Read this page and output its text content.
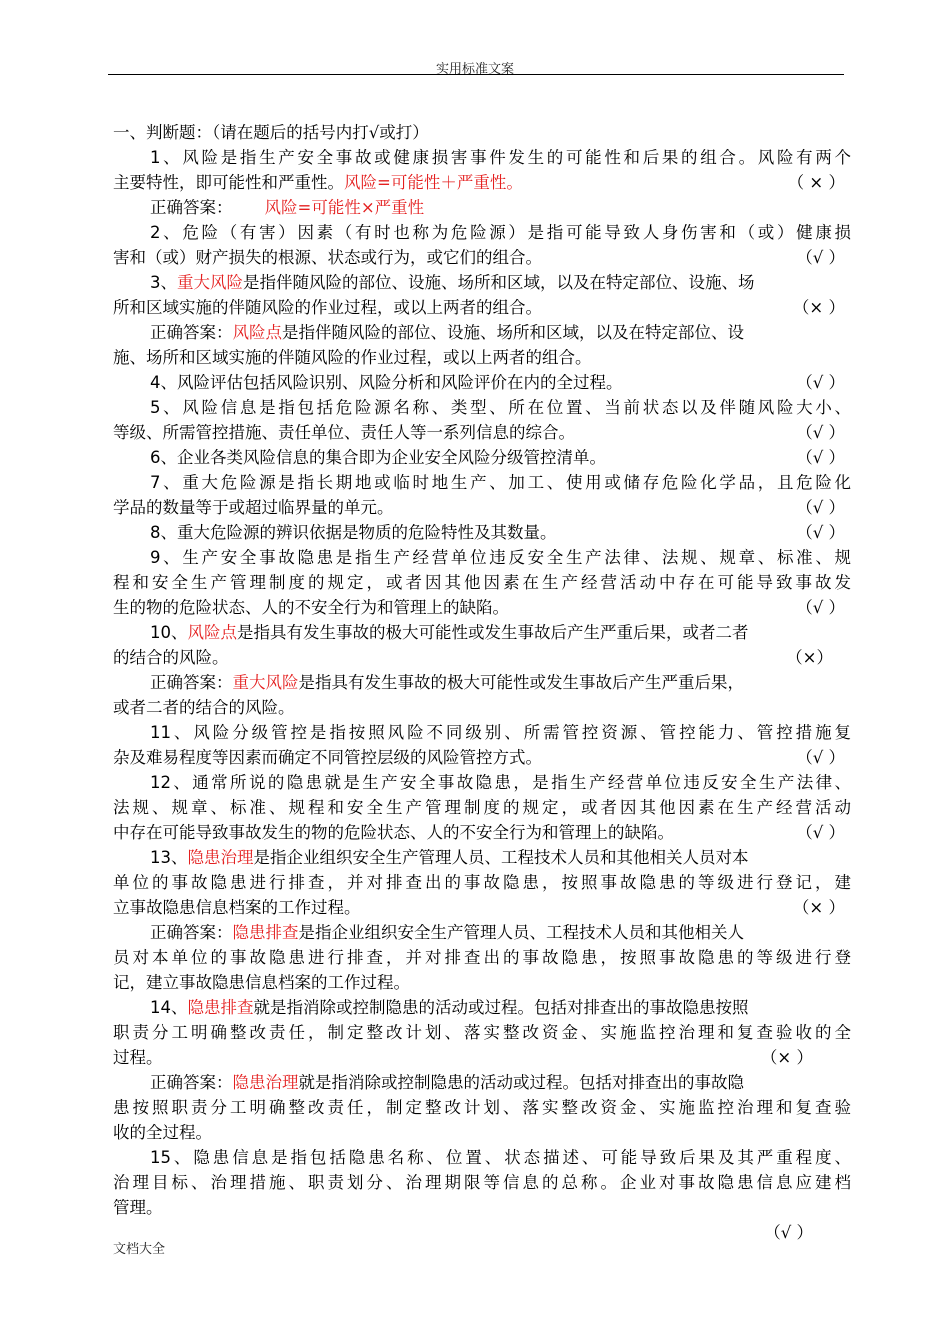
实用标准文案
一、判断题：（请在题后的括号内打√或打）
1、风险是指生产安全事故或健康损害事件发生的可能性和后果的组合。风险有两个
主要特性，即可能性和严重性。风险=可能性＋严重性。	（ × ）
正确答案： 风险=可能性×严重性
2、危险（有害）因素（有时也称为危险源）是指可能导致人身伤害和（或）健康损
害和（或）财产损失的根源、状态或行为，或它们的组合。	（√ ）
3、重大风险是指伴随风险的部位、设施、场所和区域，以及在特定部位、设施、场
所和区域实施的伴随风险的作业过程，或以上两者的组合。	（× ）
正确答案：风险点是指伴随风险的部位、设施、场所和区域，以及在特定部位、设
施、场所和区域实施的伴随风险的作业过程，或以上两者的组合。
4、风险评估包括风险识别、风险分析和风险评价在内的全过程。	（√ ）
5、风险信息是指包括危险源名称、类型、所在位置、当前状态以及伴随风险大小、
等级、所需管控措施、责任单位、责任人等一系列信息的综合。	（√ ）
6、企业各类风险信息的集合即为企业安全风险分级管控清单。	（√ ）
7、重大危险源是指长期地或临时地生产、加工、使用或储存危险化学品，且危险化
学品的数量等于或超过临界量的单元。	（√ ）
8、重大危险源的辨识依据是物质的危险特性及其数量。	（√ ）
9、生产安全事故隐患是指生产经营单位违反安全生产法律、法规、规章、标准、规
程和安全生产管理制度的规定，或者因其他因素在生产经营活动中存在可能导致事故发
生的物的危险状态、人的不安全行为和管理上的缺陷。	（√ ）
10、风险点是指具有发生事故的极大可能性或发生事故后产生严重后果，或者二者
的结合的风险。	（×）
正确答案：重大风险是指具有发生事故的极大可能性或发生事故后产生严重后果，
或者二者的结合的风险。
11、风险分级管控是指按照风险不同级别、所需管控资源、管控能力、管控措施复
杂及难易程度等因素而确定不同管控层级的风险管控方式。	（√ ）
12、通常所说的隐患就是生产安全事故隐患，是指生产经营单位违反安全生产法律、
法规、规章、标准、规程和安全生产管理制度的规定，或者因其他因素在生产经营活动
中存在可能导致事故发生的物的危险状态、人的不安全行为和管理上的缺陷。	（√ ）
13、隐患治理是指企业组织安全生产管理人员、工程技术人员和其他相关人员对本
单位的事故隐患进行排查，并对排查出的事故隐患，按照事故隐患的等级进行登记，建
立事故隐患信息档案的工作过程。	（× ）
正确答案：隐患排查是指企业组织安全生产管理人员、工程技术人员和其他相关人
员对本单位的事故隐患进行排查，并对排查出的事故隐患，按照事故隐患的等级进行登
记，建立事故隐患信息档案的工作过程。
14、隐患排查就是指消除或控制隐患的活动或过程。包括对排查出的事故隐患按照
职责分工明确整改责任，制定整改计划、落实整改资金、实施监控治理和复查验收的全
过程。	（× ）
正确答案：隐患治理就是指消除或控制隐患的活动或过程。包括对排查出的事故隐
患按照职责分工明确整改责任，制定整改计划、落实整改资金、实施监控治理和复查验
收的全过程。
15、隐患信息是指包括隐患名称、位置、状态描述、可能导致后果及其严重程度、
治理目标、治理措施、职责划分、治理期限等信息的总称。企业对事故隐患信息应建档
管理。
（√ ）
文档大全
